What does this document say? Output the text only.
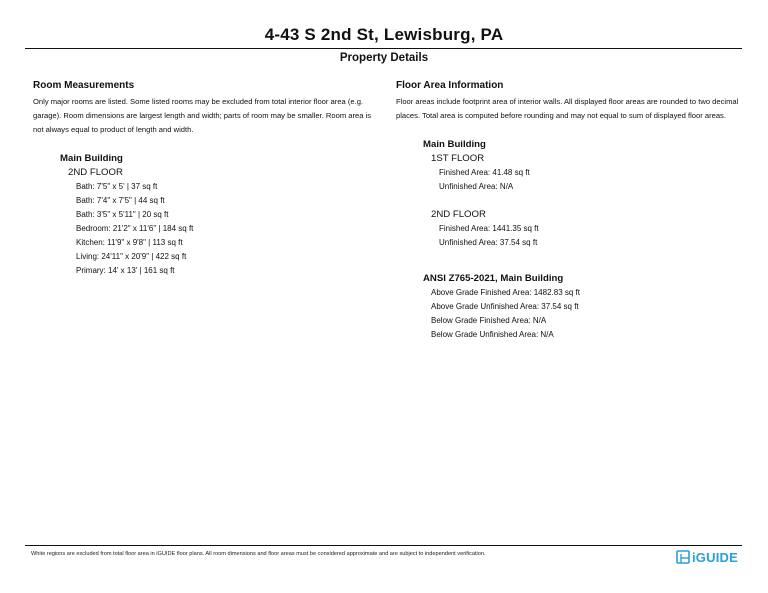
4-43 S 2nd St, Lewisburg, PA
Property Details
Room Measurements

Only major rooms are listed. Some listed rooms may be excluded from total interior floor area (e.g. garage). Room dimensions are largest length and width; parts of room may be smaller. Room area is not always equal to product of length and width.

Main Building
2ND FLOOR
Bath: 7'5" x 5' | 37 sq ft
Bath: 7'4" x 7'5" | 44 sq ft
Bath: 3'5" x 5'11" | 20 sq ft
Bedroom: 21'2" x 11'6" | 184 sq ft
Kitchen: 11'9" x 9'8" | 113 sq ft
Living: 24'11" x 20'9" | 422 sq ft
Primary: 14' x 13' | 161 sq ft
Floor Area Information

Floor areas include footprint area of interior walls. All displayed floor areas are rounded to two decimal places. Total area is computed before rounding and may not equal to sum of displayed floor areas.

Main Building
1ST FLOOR
Finished Area: 41.48 sq ft
Unfinished Area: N/A
2ND FLOOR
Finished Area: 1441.35 sq ft
Unfinished Area: 37.54 sq ft
ANSI Z765-2021, Main Building
Above Grade Finished Area: 1482.83 sq ft
Above Grade Unfinished Area: 37.54 sq ft
Below Grade Finished Area: N/A
Below Grade Unfinished Area: N/A
White regions are excluded from total floor area in iGUIDE floor plans. All room dimensions and floor areas must be considered approximate and are subject to independent verification.	iGUIDE
